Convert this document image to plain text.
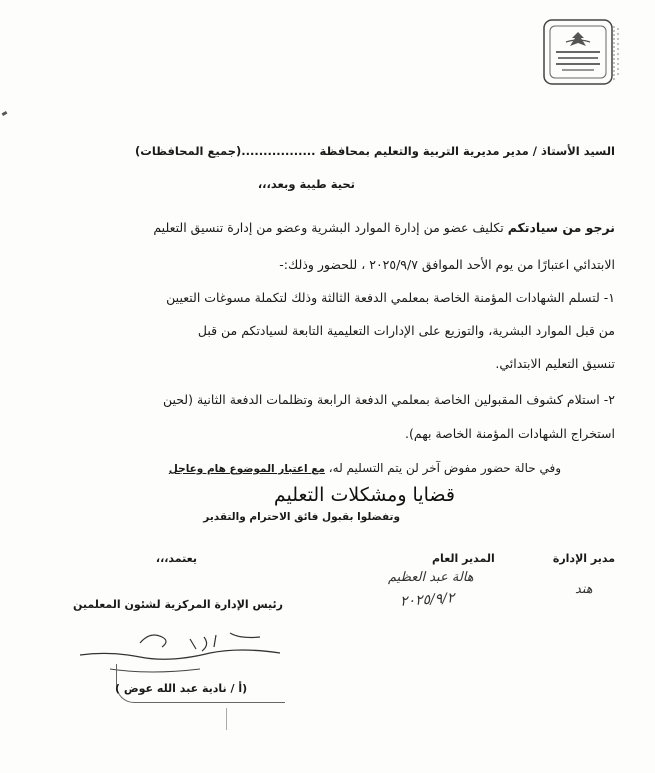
السيد الأستاذ / مدير مديرية التربية والتعليم بمحافظة .................(جميع المحافظات)
تحية طيبة وبعد،،،
نرجو من سيادتكم تكليف عضو من إدارة الموارد البشرية وعضو من إدارة تنسيق التعليم
الابتدائي اعتبارًا من يوم الأحد الموافق ٢٠٢٥/٩/٧ ، للحضور وذلك:-
١- لتسلم الشهادات المؤمنة الخاصة بمعلمي الدفعة الثالثة وذلك لتكملة مسوغات التعيين
من قبل الموارد البشرية، والتوزيع على الإدارات التعليمية التابعة لسيادتكم من قبل
تنسيق التعليم الابتدائي.
٢- استلام كشوف المقبولين الخاصة بمعلمي الدفعة الرابعة وتظلمات الدفعة الثانية (لحين
استخراج الشهادات المؤمنة الخاصة بهم).
وفي حالة حضور مفوض آخر لن يتم التسليم له، مع اعتبار الموضوع هام وعاجل
قضايا ومشكلات التعليم
وتفضلوا بقبول فائق الاحترام والتقدير
يعتمد،،،	المدير العام	مدير الإدارة
هالة عبد العظيم
٢٠٢٥/٩/٢
هند
رئيس الإدارة المركزية لشئون المعلمين
(أ / نادية عبد الله عوض )
